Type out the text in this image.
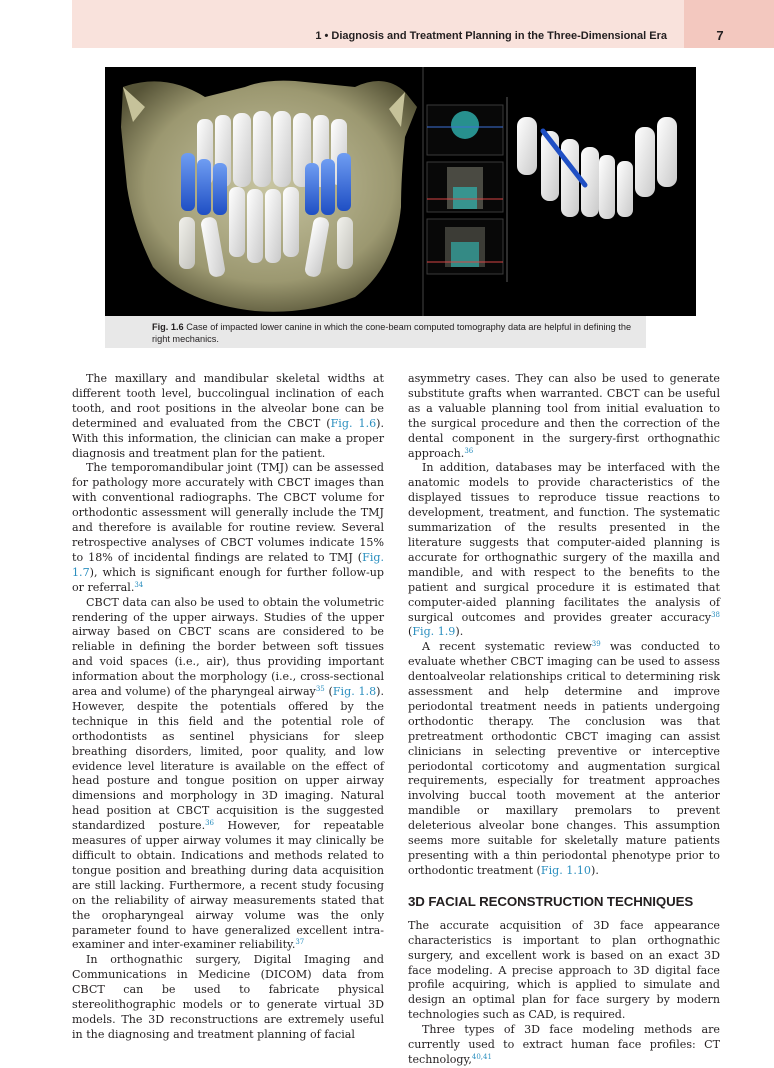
1 • Diagnosis and Treatment Planning in the Three-Dimensional Era	7
Fig. 1.6 Case of impacted lower canine in which the cone-beam computed tomography data are helpful in defining the right mechanics.

The maxillary and mandibular skeletal widths at different tooth level, buccolingual inclination of each tooth, and root positions in the alveolar bone can be determined and evaluated from the CBCT (Fig. 1.6). With this information, the clinician can make a proper diagnosis and treatment plan for the patient.

The temporomandibular joint (TMJ) can be assessed for pathology more accurately with CBCT images than with conventional radiographs. The CBCT volume for orthodontic assessment will generally include the TMJ and therefore is available for routine review. Several retrospective analyses of CBCT volumes indicate 15% to 18% of incidental findings are related to TMJ (Fig. 1.7), which is significant enough for further follow-up or referral.$^{34}$

CBCT data can also be used to obtain the volumetric rendering of the upper airways. Studies of the upper airway based on CBCT scans are considered to be reliable in defining the border between soft tissues and void spaces (i.e., air), thus providing important information about the morphology (i.e., cross-sectional area and volume) of the pharyngeal airway$^{35}$ (Fig. 1.8). However, despite the potentials offered by the technique in this field and the potential role of orthodontists as sentinel physicians for sleep breathing disorders, limited, poor quality, and low evidence level literature is available on the effect of head posture and tongue position on upper airway dimensions and morphology in 3D imaging. Natural head position at CBCT acquisition is the suggested standardized posture.$^{36}$ However, for repeatable measures of upper airway volumes it may clinically be difficult to obtain. Indications and methods related to tongue position and breathing during data acquisition are still lacking. Furthermore, a recent study focusing on the reliability of airway measurements stated that the oropharyngeal airway volume was the only parameter found to have generalized excellent intra-examiner and inter-examiner reliability.$^{37}$

In orthognathic surgery, Digital Imaging and Communications in Medicine (DICOM) data from CBCT can be used to fabricate physical stereolithographic models or to generate virtual 3D models. The 3D reconstructions are extremely useful in the diagnosing and treatment planning of facial

asymmetry cases. They can also be used to generate substitute grafts when warranted. CBCT can be useful as a valuable planning tool from initial evaluation to the surgical procedure and then the correction of the dental component in the surgery-first orthognathic approach.$^{36}$

In addition, databases may be interfaced with the anatomic models to provide characteristics of the displayed tissues to reproduce tissue reactions to development, treatment, and function. The systematic summarization of the results presented in the literature suggests that computer-aided planning is accurate for orthognathic surgery of the maxilla and mandible, and with respect to the benefits to the patient and surgical procedure it is estimated that computer-aided planning facilitates the analysis of surgical outcomes and provides greater accuracy$^{38}$ (Fig. 1.9).

A recent systematic review$^{39}$ was conducted to evaluate whether CBCT imaging can be used to assess dentoalveolar relationships critical to determining risk assessment and help determine and improve periodontal treatment needs in patients undergoing orthodontic therapy. The conclusion was that pretreatment orthodontic CBCT imaging can assist clinicians in selecting preventive or interceptive periodontal corticotomy and augmentation surgical requirements, especially for treatment approaches involving buccal tooth movement at the anterior mandible or maxillary premolars to prevent deleterious alveolar bone changes. This assumption seems more suitable for skeletally mature patients presenting with a thin periodontal phenotype prior to orthodontic treatment (Fig. 1.10).

3D FACIAL RECONSTRUCTION TECHNIQUES

The accurate acquisition of 3D face appearance characteristics is important to plan orthognathic surgery, and excellent work is based on an exact 3D face modeling. A precise approach to 3D digital face profile acquiring, which is applied to simulate and design an optimal plan for face surgery by modern technologies such as CAD, is required.

Three types of 3D face modeling methods are currently used to extract human face profiles: CT technology,$^{40,41}$
